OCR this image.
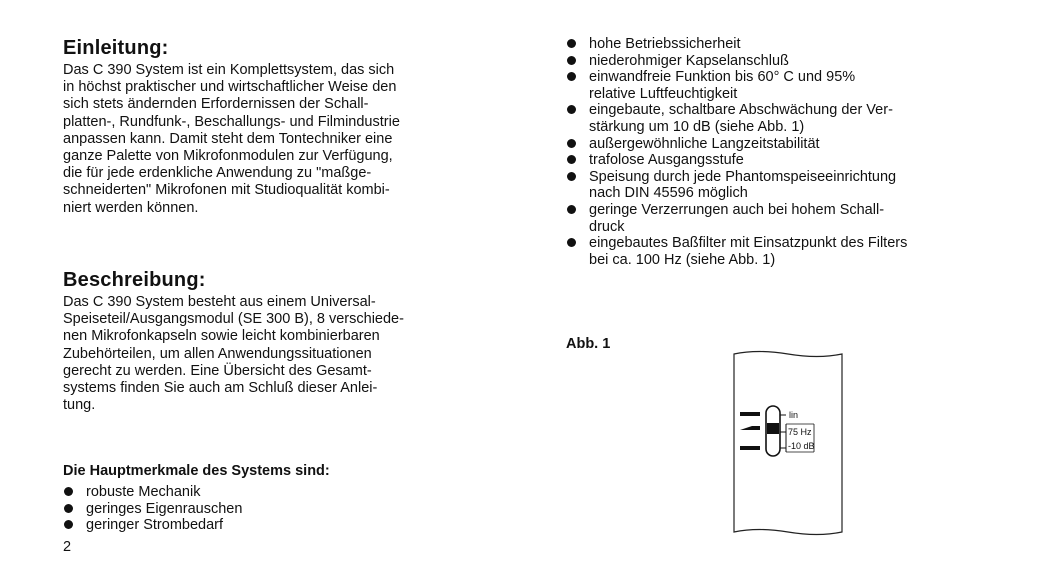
Einleitung:
Das C 390 System ist ein Komplettsystem, das sich
in höchst praktischer und wirtschaftlicher Weise den
sich stets ändernden Erfordernissen der Schall-
platten-, Rundfunk-, Beschallungs- und Filmindustrie
anpassen kann. Damit steht dem Tontechniker eine
ganze Palette von Mikrofonmodulen zur Verfügung,
die für jede erdenkliche Anwendung zu "maßge-
schneiderten" Mikrofonen mit Studioqualität kombi-
niert werden können.
Beschreibung:
Das C 390 System besteht aus einem Universal-
Speiseteil/Ausgangsmodul (SE 300 B), 8 verschiede-
nen Mikrofonkapseln sowie leicht kombinierbaren
Zubehörteilen, um allen Anwendungssituationen
gerecht zu werden. Eine Übersicht des Gesamt-
systems finden Sie auch am Schluß dieser Anlei-
tung.
Die Hauptmerkmale des Systems sind:
robuste Mechanik
geringes Eigenrauschen
geringer Strombedarf
2
hohe Betriebssicherheit
niederohmiger Kapselanschluß
einwandfreie Funktion bis 60° C und 95%
relative Luftfeuchtigkeit
eingebaute, schaltbare Abschwächung der Ver-
stärkung um 10 dB (siehe Abb. 1)
außergewöhnliche Langzeitstabilität
trafolose Ausgangsstufe
Speisung durch jede Phantomspeiseeinrichtung
nach DIN 45596 möglich
geringe Verzerrungen auch bei hohem Schall-
druck
eingebautes Baßfilter mit Einsatzpunkt des Filters
bei ca. 100 Hz (siehe Abb. 1)
Abb. 1
lin
75 Hz
-10 dB
